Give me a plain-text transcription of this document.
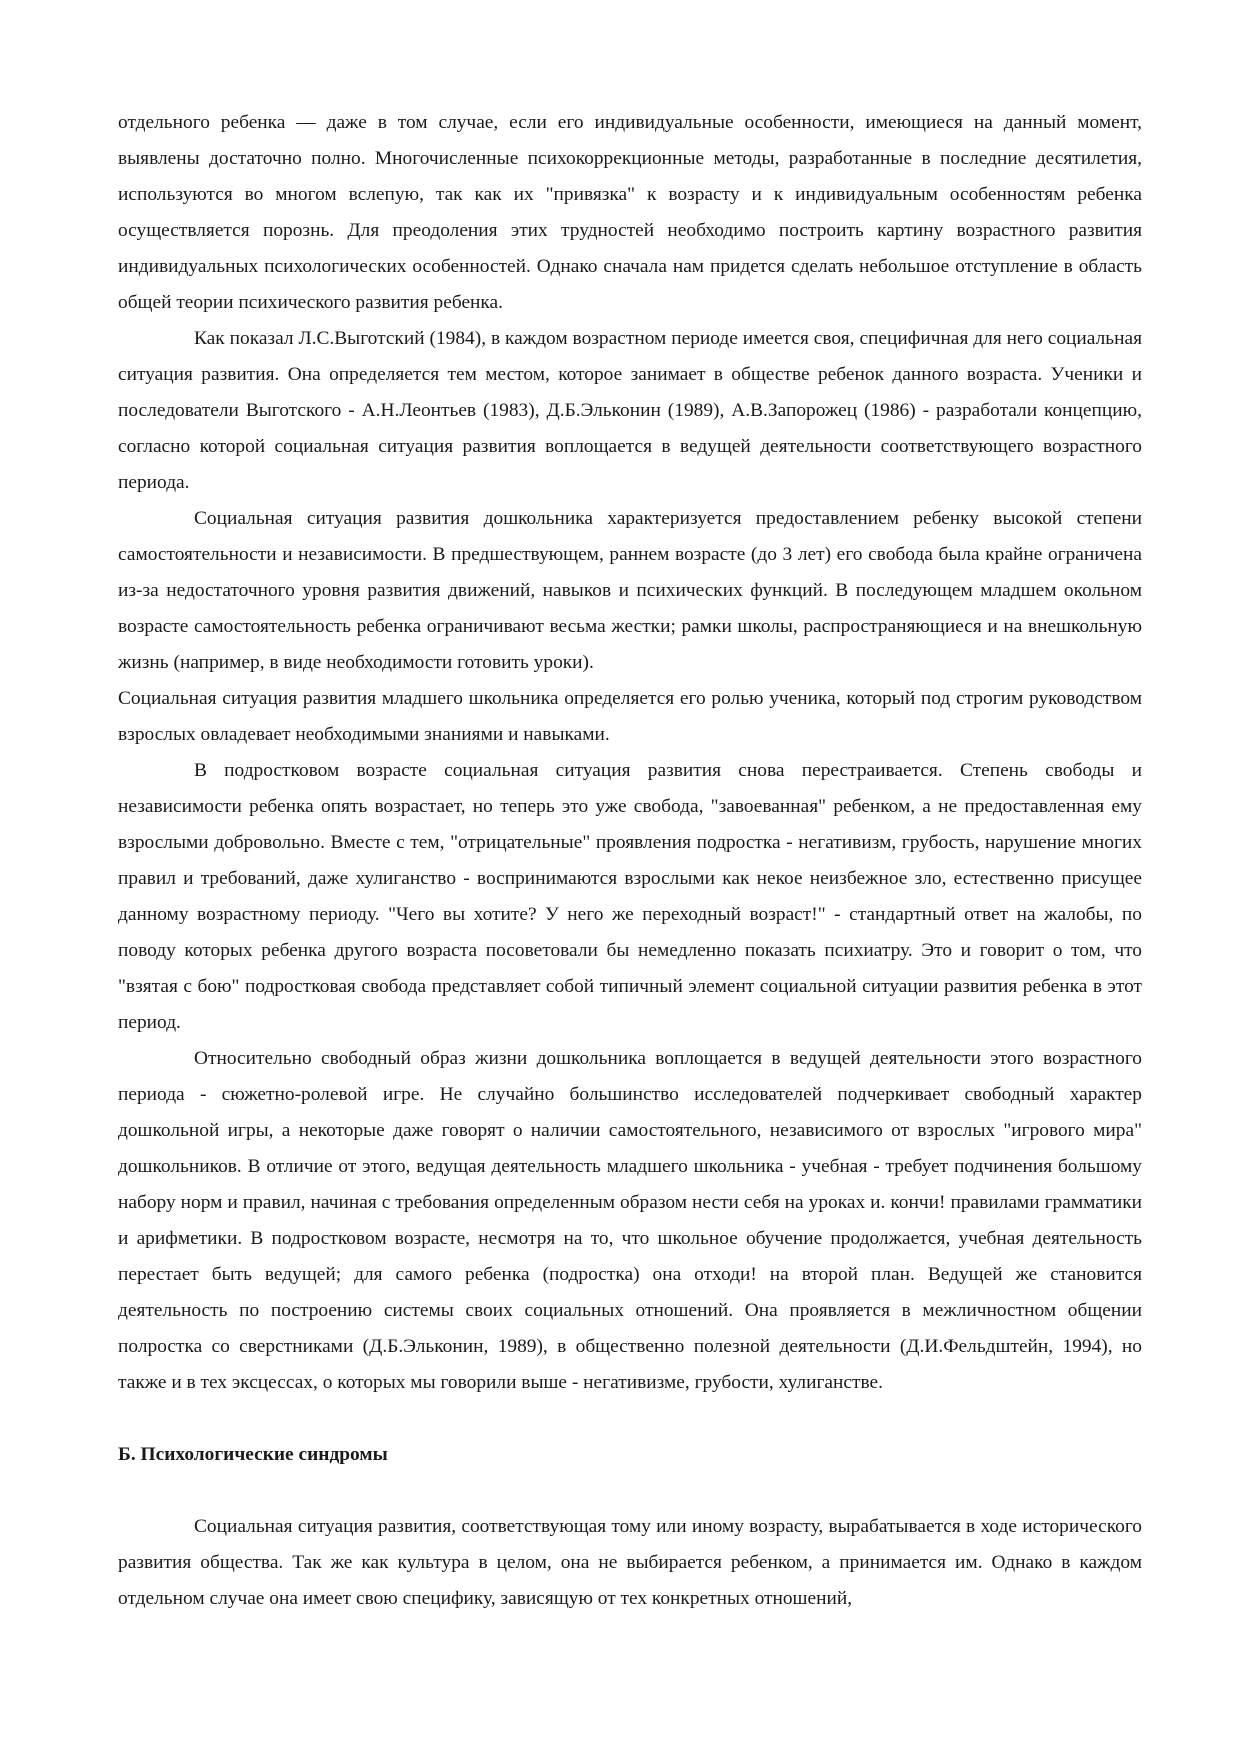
отдельного ребенка — даже в том случае, если его индивидуальные особенности, имеющиеся на данный момент, выявлены достаточно полно. Многочисленные психокоррекционные методы, разработанные в последние десятилетия, используются во многом вслепую, так как их "привязка" к возрасту и к индивидуальным особенностям ребенка осуществляется порознь. Для преодоления этих трудностей необходимо построить картину возрастного развития индивидуальных психологических особенностей. Однако сначала нам придется сделать небольшое отступление в область общей теории психического развития ребенка.

Как показал Л.С.Выготский (1984), в каждом возрастном периоде имеется своя, специфичная для него социальная ситуация развития. Она определяется тем местом, которое занимает в обществе ребенок данного возраста. Ученики и последователи Выготского - А.Н.Леонтьев (1983), Д.Б.Эльконин (1989), А.В.Запорожец (1986) - разработали концепцию, согласно которой социальная ситуация развития воплощается в ведущей деятельности соответствующего возрастного периода.

Социальная ситуация развития дошкольника характеризуется предоставлением ребенку высокой степени самостоятельности и независимости. В предшествующем, раннем возрасте (до 3 лет) его свобода была крайне ограничена из-за недостаточного уровня развития движений, навыков и психических функций. В последующем младшем окольном возрасте самостоятельность ребенка ограничивают весьма жестки; рамки школы, распространяющиеся и на внешкольную жизнь (например, в виде необходимости готовить уроки).

Социальная ситуация развития младшего школьника определяется его ролью ученика, который под строгим руководством взрослых овладевает необходимыми знаниями и навыками.

В подростковом возрасте социальная ситуация развития снова перестраивается. Степень свободы и независимости ребенка опять возрастает, но теперь это уже свобода, "завоеванная" ребенком, а не предоставленная ему взрослыми добровольно. Вместе с тем, "отрицательные" проявления подростка - негативизм, грубость, нарушение многих правил и требований, даже хулиганство - воспринимаются взрослыми как некое неизбежное зло, естественно присущее данному возрастному периоду. "Чего вы хотите? У него же переходный возраст!" - стандартный ответ на жалобы, по поводу которых ребенка другого возраста посоветовали бы немедленно показать психиатру. Это и говорит о том, что "взятая с бою" подростковая свобода представляет собой типичный элемент социальной ситуации развития ребенка в этот период.

Относительно свободный образ жизни дошкольника воплощается в ведущей деятельности этого возрастного периода - сюжетно-ролевой игре. Не случайно большинство исследователей подчеркивает свободный характер дошкольной игры, а некоторые даже говорят о наличии самостоятельного, независимого от взрослых "игрового мира" дошкольников. В отличие от этого, ведущая деятельность младшего школьника - учебная - требует подчинения большому набору норм и правил, начиная с требования определенным образом нести себя на уроках и. кончи! правилами грамматики и арифметики. В подростковом возрасте, несмотря на то, что школьное обучение продолжается, учебная деятельность перестает быть ведущей; для самого ребенка (подростка) она отходи! на второй план. Ведущей же становится деятельность по построению системы своих социальных отношений. Она проявляется в межличностном общении полростка со сверстниками (Д.Б.Эльконин, 1989), в общественно полезной деятельности (Д.И.Фельдштейн, 1994), но также и в тех эксцессах, о которых мы говорили выше - негативизме, грубости, хулиганстве.

Б. Психологические синдромы

Социальная ситуация развития, соответствующая тому или иному возрасту, вырабатывается в ходе исторического развития общества. Так же как культура в целом, она не выбирается ребенком, а принимается им. Однако в каждом отдельном случае она имеет свою специфику, зависящую от тех конкретных отношений,
